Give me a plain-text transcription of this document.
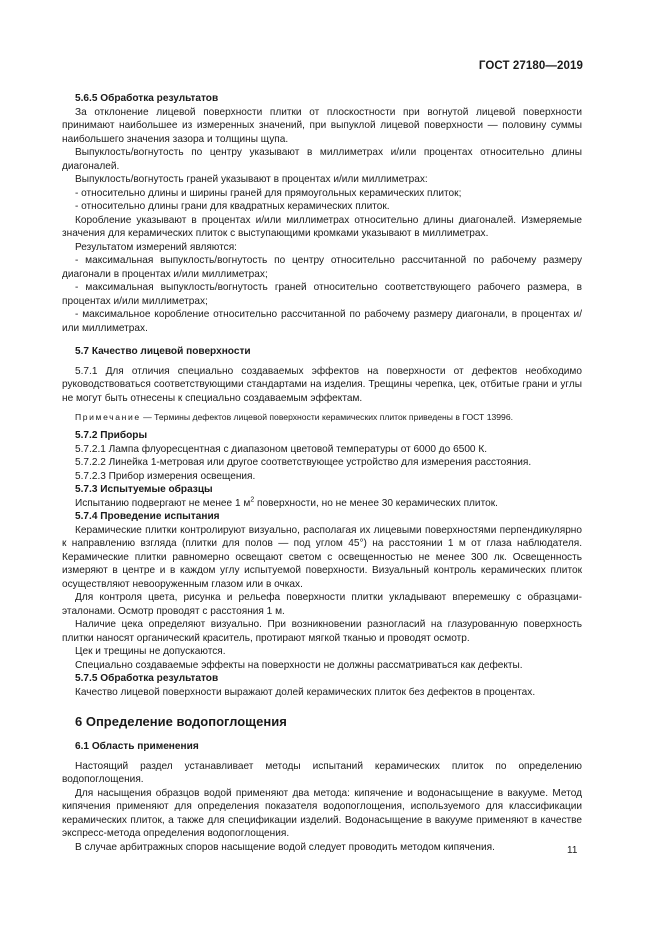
ГОСТ 27180—2019

5.6.5 Обработка результатов

За отклонение лицевой поверхности плитки от плоскостности при вогнутой лицевой поверхности принимают наибольшее из измеренных значений, при выпуклой лицевой поверхности — половину суммы наибольшего значения зазора и толщины щупа.

Выпуклость/вогнутость по центру указывают в миллиметрах и/или процентах относительно длины диагоналей.

Выпуклость/вогнутость граней указывают в процентах и/или миллиметрах:

- относительно длины и ширины граней для прямоугольных керамических плиток;

- относительно длины грани для квадратных керамических плиток.

Коробление указывают в процентах и/или миллиметрах относительно длины диагоналей. Измеряемые значения для керамических плиток с выступающими кромками указывают в миллиметрах.

Результатом измерений являются:

- максимальная выпуклость/вогнутость по центру относительно рассчитанной по рабочему размеру диагонали в процентах и/или миллиметрах;

- максимальная выпуклость/вогнутость граней относительно соответствующего рабочего размера, в процентах и/или миллиметрах;

- максимальное коробление относительно рассчитанной по рабочему размеру диагонали, в процентах и/или миллиметрах.

5.7 Качество лицевой поверхности

5.7.1 Для отличия специально создаваемых эффектов на поверхности от дефектов необходимо руководствоваться соответствующими стандартами на изделия. Трещины черепка, цек, отбитые грани и углы не могут быть отнесены к специально создаваемым эффектам.

Примечание — Термины дефектов лицевой поверхности керамических плиток приведены в ГОСТ 13996.

5.7.2 Приборы

5.7.2.1 Лампа флуоресцентная с диапазоном цветовой температуры от 6000 до 6500 К.

5.7.2.2 Линейка 1-метровая или другое соответствующее устройство для измерения расстояния.

5.7.2.3 Прибор измерения освещения.

5.7.3 Испытуемые образцы

Испытанию подвергают не менее 1 $м^2$ поверхности, но не менее 30 керамических плиток.

5.7.4 Проведение испытания

Керамические плитки контролируют визуально, располагая их лицевыми поверхностями перпендикулярно к направлению взгляда (плитки для полов — под углом 45°) на расстоянии 1 м от глаза наблюдателя. Керамические плитки равномерно освещают светом с освещенностью не менее 300 лк. Освещенность измеряют в центре и в каждом углу испытуемой поверхности. Визуальный контроль керамических плиток осуществляют невооруженным глазом или в очках.

Для контроля цвета, рисунка и рельефа поверхности плитки укладывают вперемешку с образцами-эталонами. Осмотр проводят с расстояния 1 м.

Наличие цека определяют визуально. При возникновении разногласий на глазурованную поверхность плитки наносят органический краситель, протирают мягкой тканью и проводят осмотр.

Цек и трещины не допускаются.

Специально создаваемые эффекты на поверхности не должны рассматриваться как дефекты.

5.7.5 Обработка результатов

Качество лицевой поверхности выражают долей керамических плиток без дефектов в процентах.

6 Определение водопоглощения

6.1 Область применения

Настоящий раздел устанавливает методы испытаний керамических плиток по определению водопоглощения.

Для насыщения образцов водой применяют два метода: кипячение и водонасыщение в вакууме. Метод кипячения применяют для определения показателя водопоглощения, используемого для классификации керамических плиток, а также для спецификации изделий. Водонасыщение в вакууме применяют в качестве экспресс-метода определения водопоглощения.

В случае арбитражных споров насыщение водой следует проводить методом кипячения.	11
